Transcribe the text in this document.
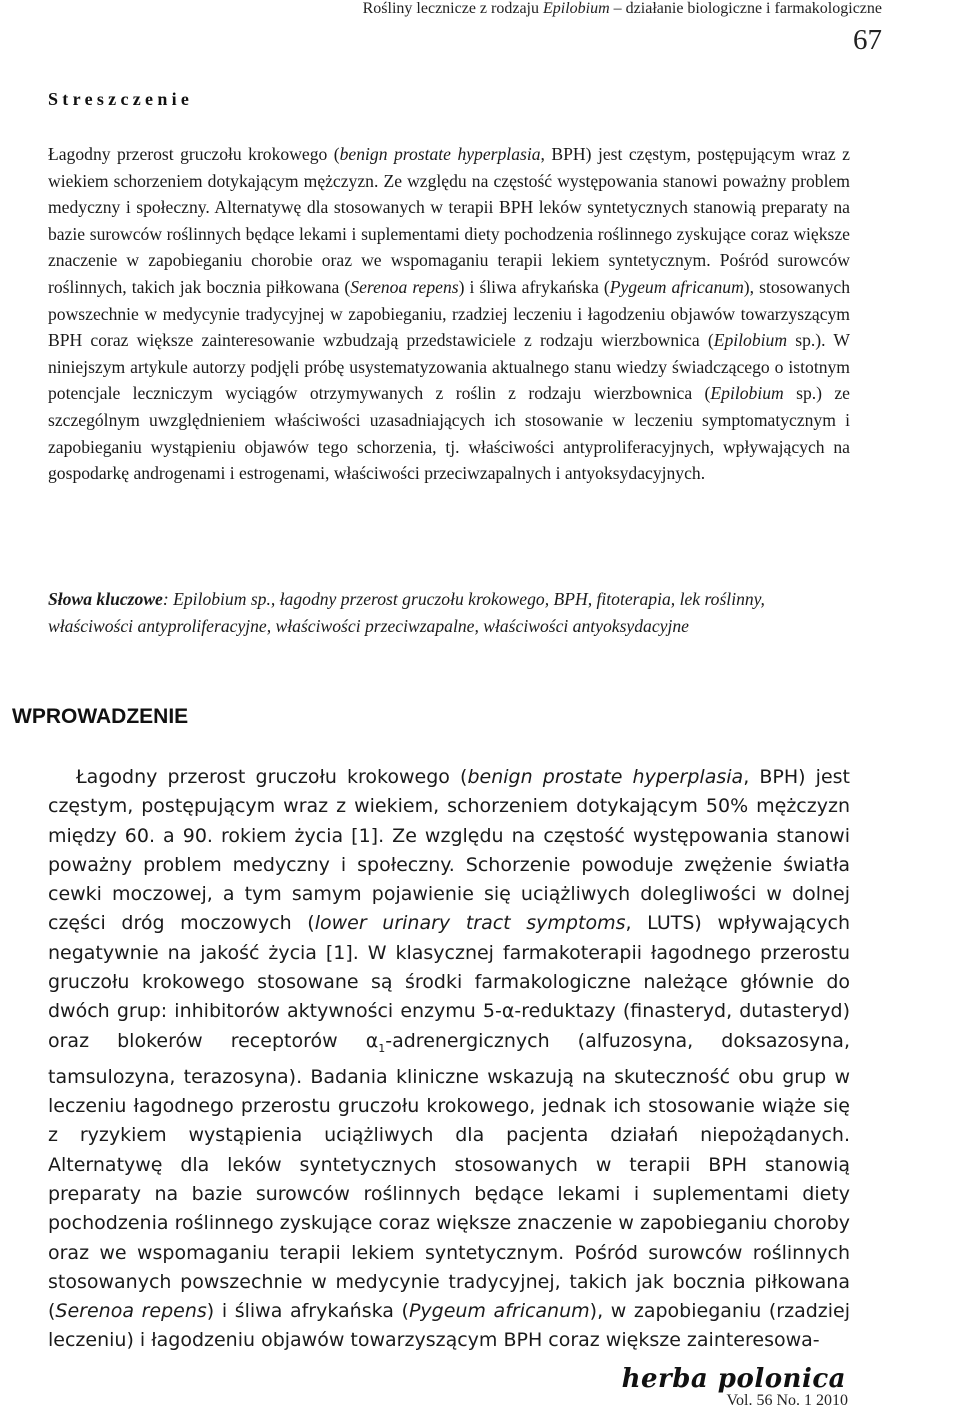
Rośliny lecznicze z rodzaju Epilobium – działanie biologiczne i farmakologiczne
67
Streszczenie

Łagodny przerost gruczołu krokowego (benign prostate hyperplasia, BPH) jest częstym, postępującym wraz z wiekiem schorzeniem dotykającym mężczyzn. Ze względu na częstość występowania stanowi poważny problem medyczny i społeczny. Alternatywę dla stosowanych w terapii BPH leków syntetycznych stanowią preparaty na bazie surowców roślinnych będące lekami i suplementami diety pochodzenia roślinnego zyskujące coraz większe znaczenie w zapobieganiu chorobie oraz we wspomaganiu terapii lekiem syntetycznym. Pośród surowców roślinnych, takich jak bocznia piłkowana (Serenoa repens) i śliwa afrykańska (Pygeum africanum), stosowanych powszechnie w medycynie tradycyjnej w zapobieganiu, rzadziej leczeniu i łagodzeniu objawów towarzyszącym BPH coraz większe zainteresowanie wzbudzają przedstawiciele z rodzaju wierzbownica (Epilobium sp.). W niniejszym artykule autorzy podjęli próbę usystematyzowania aktualnego stanu wiedzy świadczącego o istotnym potencjale leczniczym wyciągów otrzymywanych z roślin z rodzaju wierzbownica (Epilobium sp.) ze szczególnym uwzględnieniem właściwości uzasadniających ich stosowanie w leczeniu symptomatycznym i zapobieganiu wystąpieniu objawów tego schorzenia, tj. właściwości antyproliferacyjnych, wpływających na gospodarkę androgenami i estrogenami, właściwości przeciwzapalnych i antyoksydacyjnych.

Słowa kluczowe: Epilobium sp., łagodny przerost gruczołu krokowego, BPH, fitoterapia, lek roślinny, właściwości antyproliferacyjne, właściwości przeciwzapalne, właściwości antyoksydacyjne
WPROWADZENIE

Łagodny przerost gruczołu krokowego (benign prostate hyperplasia, BPH) jest częstym, postępującym wraz z wiekiem, schorzeniem dotykającym 50% mężczyzn między 60. a 90. rokiem życia [1]. Ze względu na częstość występowania stanowi poważny problem medyczny i społeczny. Schorzenie powoduje zwężenie światła cewki moczowej, a tym samym pojawienie się uciążliwych dolegliwości w dolnej części dróg moczowych (lower urinary tract symptoms, LUTS) wpływających negatywnie na jakość życia [1]. W klasycznej farmakoterapii łagodnego przerostu gruczołu krokowego stosowane są środki farmakologiczne należące głównie do dwóch grup: inhibitorów aktywności enzymu 5-α-reduktazy (finasteryd, dutasteryd) oraz blokerów receptorów $\alpha_1$-adrenergicznych (alfuzosyna, doksazosyna, tamsulozyna, terazosyna). Badania kliniczne wskazują na skuteczność obu grup w leczeniu łagodnego przerostu gruczołu krokowego, jednak ich stosowanie wiąże się z ryzykiem wystąpienia uciążliwych dla pacjenta działań niepożądanych. Alternatywę dla leków syntetycznych stosowanych w terapii BPH stanowią preparaty na bazie surowców roślinnych będące lekami i suplementami diety pochodzenia roślinnego zyskujące coraz większe znaczenie w zapobieganiu choroby oraz we wspomaganiu terapii lekiem syntetycznym. Pośród surowców roślinnych stosowanych powszechnie w medycynie tradycyjnej, takich jak bocznia piłkowana (Serenoa repens) i śliwa afrykańska (Pygeum africanum), w zapobieganiu (rzadziej leczeniu) i łagodzeniu objawów towarzyszącym BPH coraz większe zainteresowa-

herba polonica
Vol. 56 No. 1 2010
